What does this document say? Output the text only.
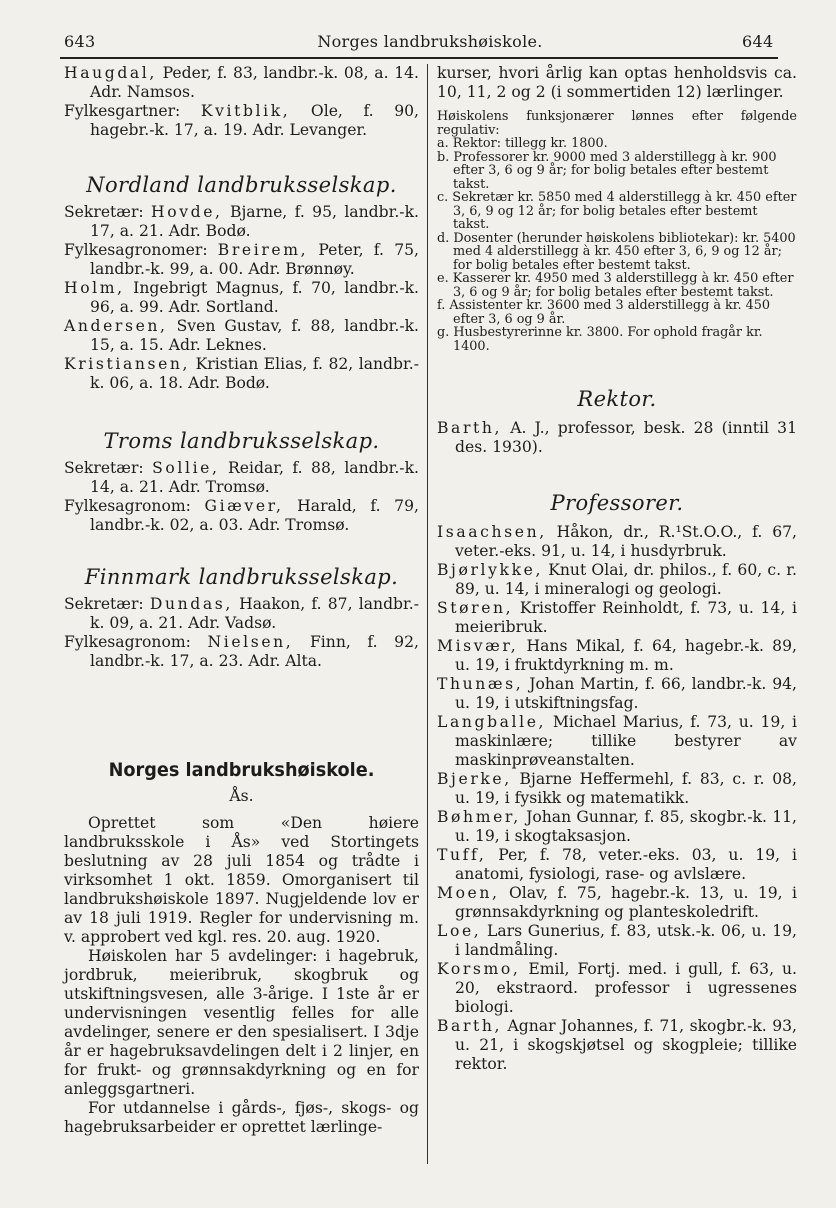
643	Norges landbrukshøiskole.	644

Haugdal, Peder, f. 83, landbr.-k. 08, a. 14. Adr. Namsos.

Fylkesgartner: Kvitblik, Ole, f. 90, hagebr.-k. 17, a. 19. Adr. Levanger.

Nordland landbruksselskap.

Sekretær: Hovde, Bjarne, f. 95, landbr.-k. 17, a. 21. Adr. Bodø.

Fylkesagronomer: Breirem, Peter, f. 75, landbr.-k. 99, a. 00. Adr. Brønnøy.

Holm, Ingebrigt Magnus, f. 70, landbr.-k. 96, a. 99. Adr. Sortland.

Andersen, Sven Gustav, f. 88, landbr.-k. 15, a. 15. Adr. Leknes.

Kristiansen, Kristian Elias, f. 82, landbr.-k. 06, a. 18. Adr. Bodø.

Troms landbruksselskap.

Sekretær: Sollie, Reidar, f. 88, landbr.-k. 14, a. 21. Adr. Tromsø.

Fylkesagronom: Giæver, Harald, f. 79, landbr.-k. 02, a. 03. Adr. Tromsø.

Finnmark landbruksselskap.

Sekretær: Dundas, Haakon, f. 87, landbr.-k. 09, a. 21. Adr. Vadsø.

Fylkesagronom: Nielsen, Finn, f. 92, landbr.-k. 17, a. 23. Adr. Alta.

Norges landbrukshøiskole.

Ås.

Oprettet som «Den høiere landbruksskole i Ås» ved Stortingets beslutning av 28 juli 1854 og trådte i virksomhet 1 okt. 1859. Omorganisert til landbrukshøiskole 1897. Nugjeldende lov er av 18 juli 1919. Regler for undervisning m. v. approbert ved kgl. res. 20. aug. 1920.

Høiskolen har 5 avdelinger: i hagebruk, jordbruk, meieribruk, skogbruk og utskiftningsvesen, alle 3-årige. I 1ste år er undervisningen vesentlig felles for alle avdelinger, senere er den spesialisert. I 3dje år er hagebruksavdelingen delt i 2 linjer, en for frukt- og grønnsakdyrkning og en for anleggsgartneri.

For utdannelse i gårds-, fjøs-, skogs- og hagebruksarbeider er oprettet lærlinge-

kurser, hvori årlig kan optas henholdsvis ca. 10, 11, 2 og 2 (i sommertiden 12) lærlinger.

Høiskolens funksjonærer lønnes efter følgende regulativ:

a. Rektor: tillegg kr. 1800.

b. Professorer kr. 9000 med 3 alderstillegg à kr. 900 efter 3, 6 og 9 år; for bolig betales efter bestemt takst.

c. Sekretær kr. 5850 med 4 alderstillegg à kr. 450 efter 3, 6, 9 og 12 år; for bolig betales efter bestemt takst.

d. Dosenter (herunder høiskolens bibliotekar): kr. 5400 med 4 alderstillegg à kr. 450 efter 3, 6, 9 og 12 år; for bolig betales efter bestemt takst.

e. Kasserer kr. 4950 med 3 alderstillegg à kr. 450 efter 3, 6 og 9 år; for bolig betales efter bestemt takst.

f. Assistenter kr. 3600 med 3 alderstillegg à kr. 450 efter 3, 6 og 9 år.

g. Husbestyrerinne kr. 3800. For ophold fragår kr. 1400.

Rektor.

Barth, A. J., professor, besk. 28 (inntil 31 des. 1930).

Professorer.

Isaachsen, Håkon, dr., R.¹St.O.O., f. 67, veter.-eks. 91, u. 14, i husdyrbruk.

Bjørlykke, Knut Olai, dr. philos., f. 60, c. r. 89, u. 14, i mineralogi og geologi.

Støren, Kristoffer Reinholdt, f. 73, u. 14, i meieribruk.

Misvær, Hans Mikal, f. 64, hagebr.-k. 89, u. 19, i fruktdyrkning m. m.

Thunæs, Johan Martin, f. 66, landbr.-k. 94, u. 19, i utskiftningsfag.

Langballe, Michael Marius, f. 73, u. 19, i maskinlære; tillike bestyrer av maskinprøveanstalten.

Bjerke, Bjarne Heffermehl, f. 83, c. r. 08, u. 19, i fysikk og matematikk.

Bøhmer, Johan Gunnar, f. 85, skogbr.-k. 11, u. 19, i skogtaksasjon.

Tuff, Per, f. 78, veter.-eks. 03, u. 19, i anatomi, fysiologi, rase- og avlslære.

Moen, Olav, f. 75, hagebr.-k. 13, u. 19, i grønnsakdyrkning og planteskoledrift.

Loe, Lars Gunerius, f. 83, utsk.-k. 06, u. 19, i landmåling.

Korsmo, Emil, Fortj. med. i gull, f. 63, u. 20, ekstraord. professor i ugressenes biologi.

Barth, Agnar Johannes, f. 71, skogbr.-k. 93, u. 21, i skogskjøtsel og skogpleie; tillike rektor.
